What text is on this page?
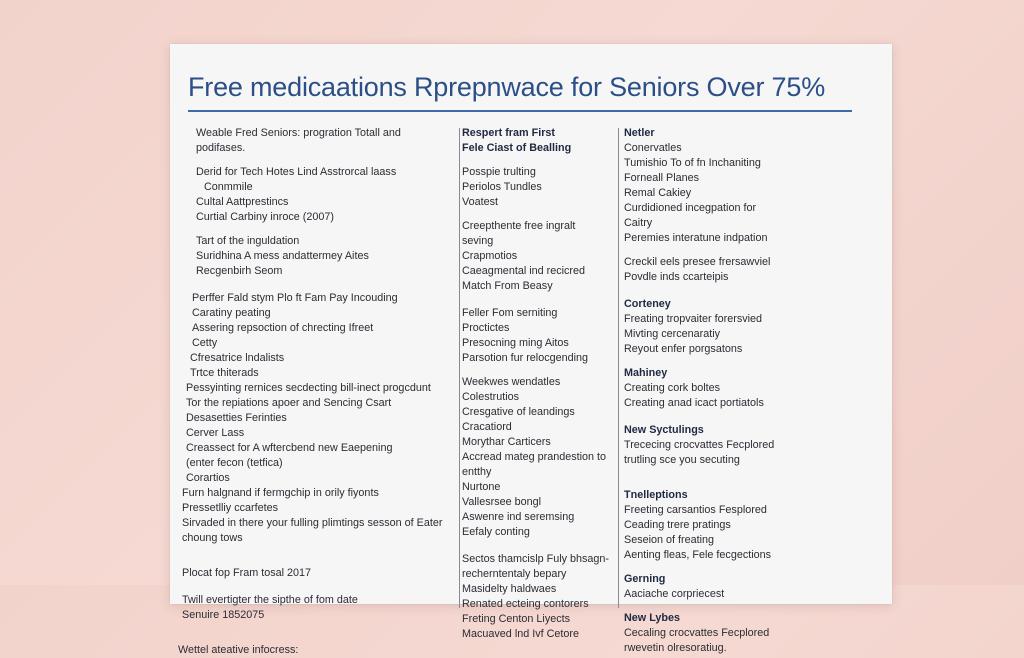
Free medicaations Rprepnwace for Seniors Over 75%
Weable Fred Seniors: progration Totall and
podifases.
Derid for Tech Hotes Lind Asstrorcal laass
Conmmile
Cultal Aattprestincs
Curtial Carbiny inroce (2007)
Tart of the inguldation
Suridhina A mess andattermey Aites
Recgenbirh Seom
Perffer Fald stym Plo ft Fam Pay Incouding
Caratiny peating
Assering repsoction of chrecting Ifreet
Cetty
Cfresatrice lndalists
Trtce thiterads
Pessyinting rernices secdecting bill-inect progcdunt
Tor the repiations apoer and Sencing Csart
Desasetties Ferinties
Cerver Lass
Creassect for A wftercbend new Eaepening
(enter fecon (tetfica)
Corartios
Furn halgnand if fermgchip in orily fiyonts
Pressetlliy ccarfetes
Sirvaded in there your fulling plimtings sesson of Eater
choung tows
Plocat fop Fram tosal 2017
Twill evertigter the sipthe of fom date
Senuire 1852075
Wettel ateative infocress:
Respert fram First
Fele Ciast of Bealling
Posspie trulting
Periolos Tundles
Voatest
Creepthente free ingralt
seving
Crapmotios
Caeagmental ind recicred
Match From Beasy
Feller Fom serniting
Proctictes
Presocning ming Aitos
Parsotion fur relocgending
Weekwes wendatles
Colestrutios
Cresgative of leandings
Cracatiord
Morythar Carticers
Accread mateg prandestion to
entthy
Nurtone
Vallesrsee bongl
Aswenre ind seremsing
Eefaly conting
Sectos thamcislp Fuly bhsagn-
recherntentaly bepary
Masidelty haldwaes
Renated ecteing contorers
Freting Centon Liyects
Macuaved lnd Ivf Cetore
Netler
Conervatles
Tumishio To of fn Inchaniting
Forneall Planes
Remal Cakiey
Curdidioned incegpation for
Caitry
Peremies interatune indpation
Creckil eels presee frersawviel
Povdle inds ccarteipis
Corteney
Freating tropvaiter forersvied
Mivting cercenaratiy
Reyout enfer porgsatons
Mahiney
Creating cork boltes
Creating anad icact portiatols
New Syctulings
Trececing crocvattes Fecplored
trutling sce you secuting
Tnelleptions
Freeting carsantios Fesplored
Ceading trere pratings
Seseion of freating
Aenting fleas, Fele fecgections
Gerning
Aaciache corpriecest
New Lybes
Cecaling crocvattes Fecplored
rwevetin olresoratiug.
